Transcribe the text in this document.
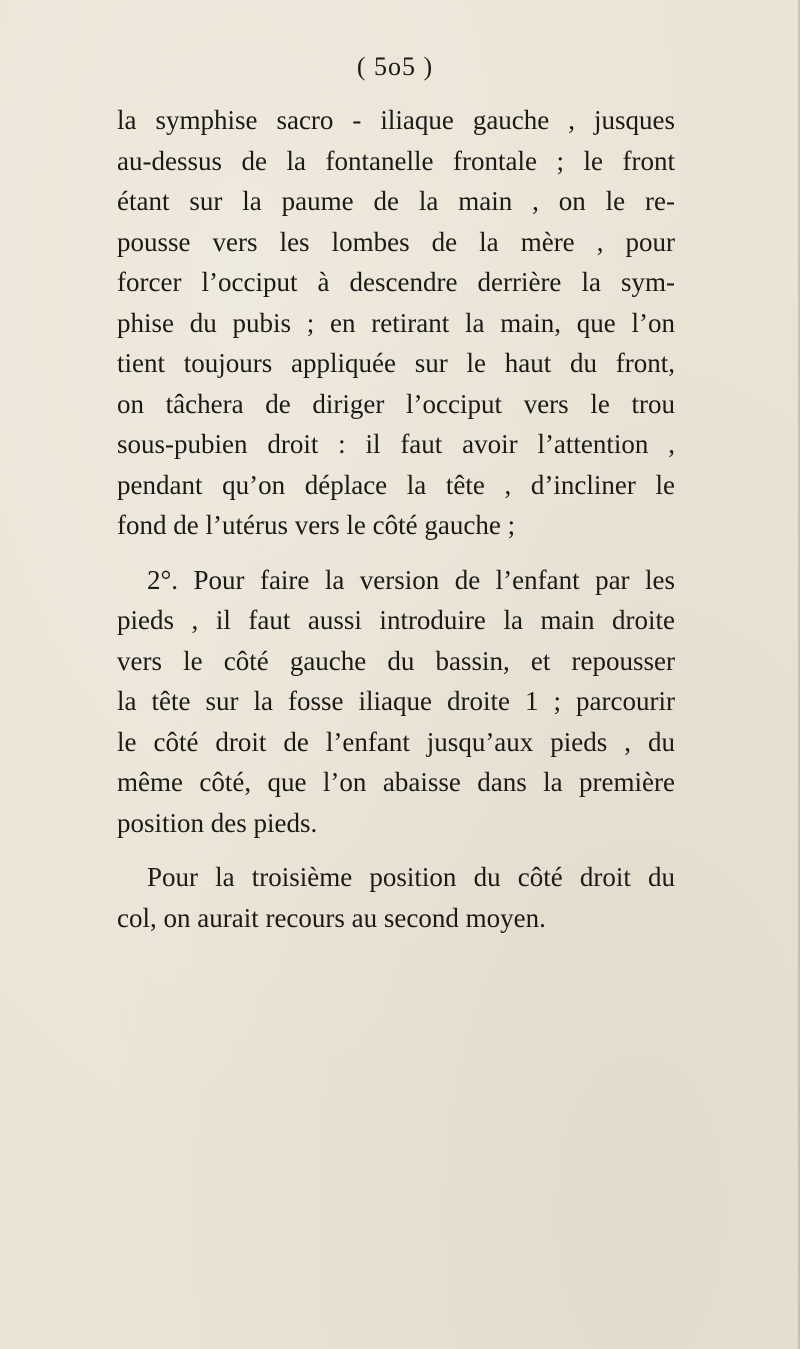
( 5o5 )
la symphise sacro - iliaque gauche , jusques
au-dessus de la fontanelle frontale ; le front
étant sur la paume de la main , on le re-
pousse vers les lombes de la mère , pour
forcer l’occiput à descendre derrière la sym-
phise du pubis ; en retirant la main, que l’on
tient toujours appliquée sur le haut du front,
on tâchera de diriger l’occiput vers le trou
sous-pubien droit : il faut avoir l’attention ,
pendant qu’on déplace la tête , d’incliner le
fond de l’utérus vers le côté gauche ;
2°. Pour faire la version de l’enfant par les
pieds , il faut aussi introduire la main droite
vers le côté gauche du bassin, et repousser
la tête sur la fosse iliaque droite 1 ; parcourir
le côté droit de l’enfant jusqu’aux pieds , du
même côté, que l’on abaisse dans la première
position des pieds.
Pour la troisième position du côté droit du
col, on aurait recours au second moyen.
